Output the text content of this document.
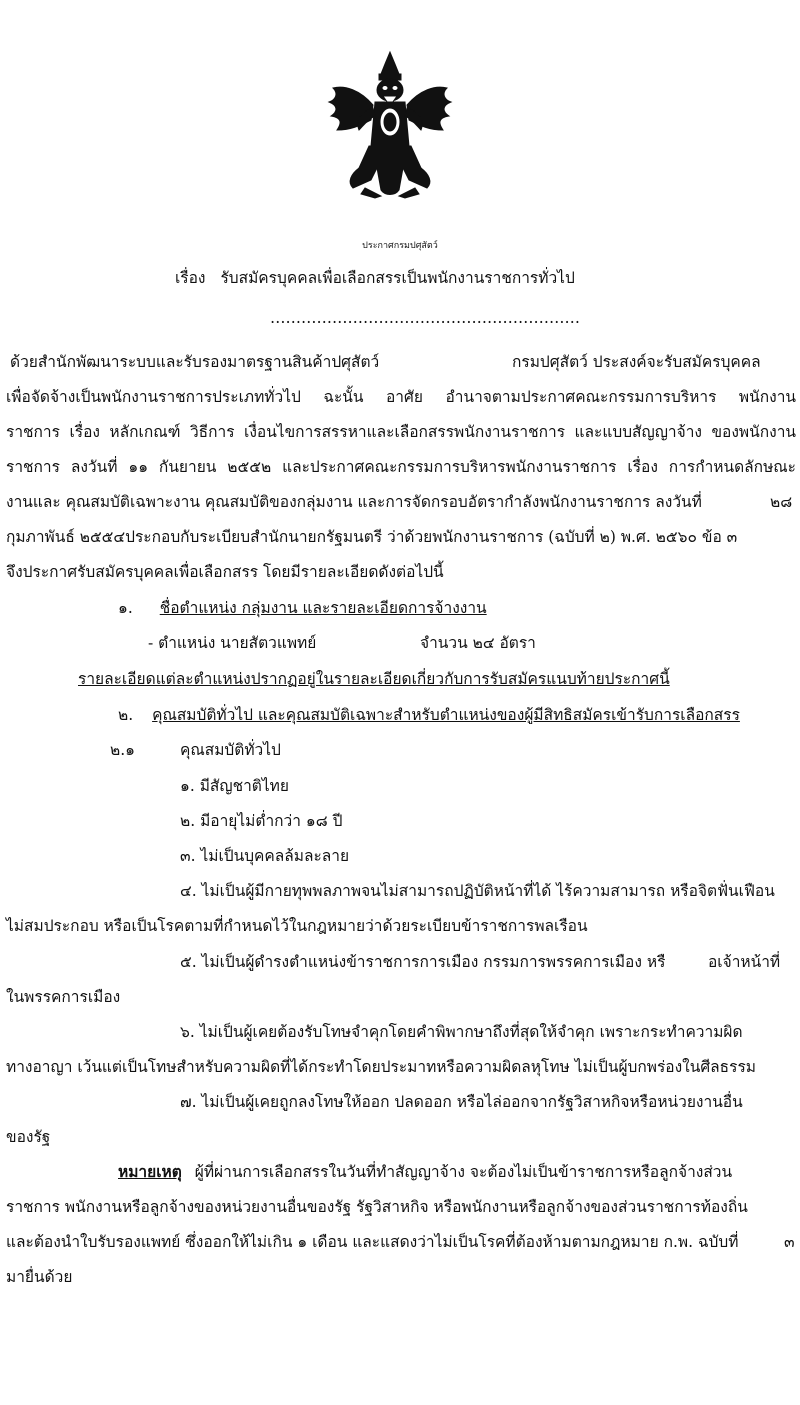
ประกาศกรมปศุสัตว์
เรื่อง รับสมัครบุคคลเพื่อเลือกสรรเป็นพนักงานราชการทั่วไป
……………………………………………………
ด้วยสำนักพัฒนาระบบและรับรองมาตรฐานสินค้าปศุสัตว์	กรมปศุสัตว์ ประสงค์จะรับสมัครบุคคล
เพื่อจัดจ้างเป็นพนักงานราชการประเภททั่วไป ฉะนั้น อาศัย อำนาจตามประกาศคณะกรรมการบริหาร พนักงาน
ราชการ เรื่อง หลักเกณฑ์ วิธีการ เงื่อนไขการสรรหาและเลือกสรรพนักงานราชการ และแบบสัญญาจ้าง ของพนักงาน
ราชการ ลงวันที่ ๑๑ กันยายน ๒๕๕๒ และประกาศคณะกรรมการบริหารพนักงานราชการ เรื่อง การกำหนดลักษณะ
งานและ คุณสมบัติเฉพาะงาน คุณสมบัติของกลุ่มงาน และการจัดกรอบอัตรากำลังพนักงานราชการ ลงวันที่	๒๘
กุมภาพันธ์ ๒๕๕๔ประกอบกับระเบียบสำนักนายกรัฐมนตรี ว่าด้วยพนักงานราชการ (ฉบับที่ ๒) พ.ศ. ๒๕๖๐ ข้อ ๓
จึงประกาศรับสมัครบุคคลเพื่อเลือกสรร โดยมีรายละเอียดดังต่อไปนี้
๑. ชื่อตำแหน่ง กลุ่มงาน และรายละเอียดการจ้างงาน
- ตำแหน่ง นายสัตวแพทย์	จำนวน ๒๔ อัตรา
รายละเอียดแต่ละตำแหน่งปรากฏอยู่ในรายละเอียดเกี่ยวกับการรับสมัครแนบท้ายประกาศนี้
๒. คุณสมบัติทั่วไป และคุณสมบัติเฉพาะสำหรับตำแหน่งของผู้มีสิทธิสมัครเข้ารับการเลือกสรร
๒.๑	คุณสมบัติทั่วไป
๑. มีสัญชาติไทย
๒. มีอายุไม่ต่ำกว่า ๑๘ ปี
๓. ไม่เป็นบุคคลล้มละลาย
๔. ไม่เป็นผู้มีกายทุพพลภาพจนไม่สามารถปฏิบัติหน้าที่ได้ ไร้ความสามารถ หรือจิตฟั่นเฟือน
ไม่สมประกอบ หรือเป็นโรคตามที่กำหนดไว้ในกฎหมายว่าด้วยระเบียบข้าราชการพลเรือน
๕. ไม่เป็นผู้ดำรงตำแหน่งข้าราชการการเมือง กรรมการพรรคการเมือง หรื	อเจ้าหน้าที่
ในพรรคการเมือง
๖. ไม่เป็นผู้เคยต้องรับโทษจำคุกโดยคำพิพากษาถึงที่สุดให้จำคุก เพราะกระทำความผิด
ทางอาญา เว้นแต่เป็นโทษสำหรับความผิดที่ได้กระทำโดยประมาทหรือความผิดลหุโทษ ไม่เป็นผู้บกพร่องในศีลธรรม
๗. ไม่เป็นผู้เคยถูกลงโทษให้ออก ปลดออก หรือไล่ออกจากรัฐวิสาหกิจหรือหน่วยงานอื่น
ของรัฐ
หมายเหตุ ผู้ที่ผ่านการเลือกสรรในวันที่ทำสัญญาจ้าง จะต้องไม่เป็นข้าราชการหรือลูกจ้างส่วน
ราชการ พนักงานหรือลูกจ้างของหน่วยงานอื่นของรัฐ รัฐวิสาหกิจ หรือพนักงานหรือลูกจ้างของส่วนราชการท้องถิ่น
และต้องนำใบรับรองแพทย์ ซึ่งออกให้ไม่เกิน ๑ เดือน และแสดงว่าไม่เป็นโรคที่ต้องห้ามตามกฎหมาย ก.พ. ฉบับที่	๓
มายื่นด้วย
